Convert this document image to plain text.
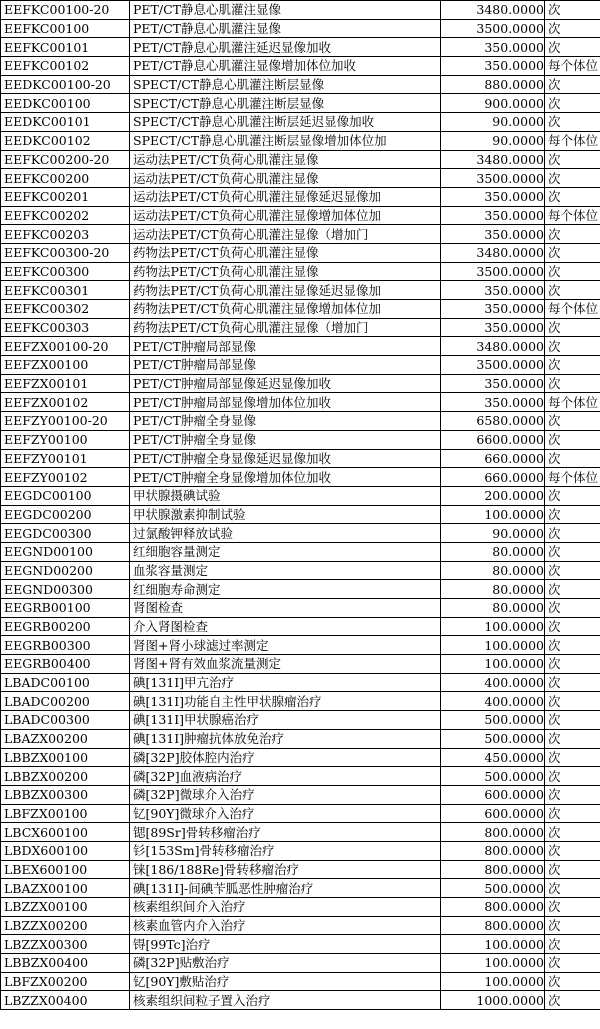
EEFKC00100-20	PET/CT静息心肌灌注显像	3480.0000	次
EEFKC00100	PET/CT静息心肌灌注显像	3500.0000	次
EEFKC00101	PET/CT静息心肌灌注延迟显像加收	350.0000	次
EEFKC00102	PET/CT静息心肌灌注显像增加体位加收	350.0000	每个体位
EEDKC00100-20	SPECT/CT静息心肌灌注断层显像	880.0000	次
EEDKC00100	SPECT/CT静息心肌灌注断层显像	900.0000	次
EEDKC00101	SPECT/CT静息心肌灌注断层延迟显像加收	90.0000	次
EEDKC00102	SPECT/CT静息心肌灌注断层显像增加体位加	90.0000	每个体位
EEFKC00200-20	运动法PET/CT负荷心肌灌注显像	3480.0000	次
EEFKC00200	运动法PET/CT负荷心肌灌注显像	3500.0000	次
EEFKC00201	运动法PET/CT负荷心肌灌注显像延迟显像加	350.0000	次
EEFKC00202	运动法PET/CT负荷心肌灌注显像增加体位加	350.0000	每个体位
EEFKC00203	运动法PET/CT负荷心肌灌注显像（增加门	350.0000	次
EEFKC00300-20	药物法PET/CT负荷心肌灌注显像	3480.0000	次
EEFKC00300	药物法PET/CT负荷心肌灌注显像	3500.0000	次
EEFKC00301	药物法PET/CT负荷心肌灌注显像延迟显像加	350.0000	次
EEFKC00302	药物法PET/CT负荷心肌灌注显像增加体位加	350.0000	每个体位
EEFKC00303	药物法PET/CT负荷心肌灌注显像（增加门	350.0000	次
EEFZX00100-20	PET/CT肿瘤局部显像	3480.0000	次
EEFZX00100	PET/CT肿瘤局部显像	3500.0000	次
EEFZX00101	PET/CT肿瘤局部显像延迟显像加收	350.0000	次
EEFZX00102	PET/CT肿瘤局部显像增加体位加收	350.0000	每个体位
EEFZY00100-20	PET/CT肿瘤全身显像	6580.0000	次
EEFZY00100	PET/CT肿瘤全身显像	6600.0000	次
EEFZY00101	PET/CT肿瘤全身显像延迟显像加收	660.0000	次
EEFZY00102	PET/CT肿瘤全身显像增加体位加收	660.0000	每个体位
EEGDC00100	甲状腺摄碘试验	200.0000	次
EEGDC00200	甲状腺激素抑制试验	100.0000	次
EEGDC00300	过氯酸钾释放试验	90.0000	次
EEGND00100	红细胞容量测定	80.0000	次
EEGND00200	血浆容量测定	80.0000	次
EEGND00300	红细胞寿命测定	80.0000	次
EEGRB00100	肾图检查	80.0000	次
EEGRB00200	介入肾图检查	100.0000	次
EEGRB00300	肾图+肾小球滤过率测定	100.0000	次
EEGRB00400	肾图+肾有效血浆流量测定	100.0000	次
LBADC00100	碘[131I]甲亢治疗	400.0000	次
LBADC00200	碘[131I]功能自主性甲状腺瘤治疗	400.0000	次
LBADC00300	碘[131I]甲状腺癌治疗	500.0000	次
LBAZX00200	碘[131I]肿瘤抗体放免治疗	500.0000	次
LBBZX00100	磷[32P]胶体腔内治疗	450.0000	次
LBBZX00200	磷[32P]血液病治疗	500.0000	次
LBBZX00300	磷[32P]微球介入治疗	600.0000	次
LBFZX00100	钇[90Y]微球介入治疗	600.0000	次
LBCX600100	锶[89Sr]骨转移瘤治疗	800.0000	次
LBDX600100	钐[153Sm]骨转移瘤治疗	800.0000	次
LBEX600100	铼[186/188Re]骨转移瘤治疗	800.0000	次
LBAZX00100	碘[131I]-间碘苄胍恶性肿瘤治疗	500.0000	次
LBZZX00100	核素组织间介入治疗	800.0000	次
LBZZX00200	核素血管内介入治疗	800.0000	次
LBZZX00300	锝[99Tc]治疗	100.0000	次
LBBZX00400	磷[32P]贴敷治疗	100.0000	次
LBFZX00200	钇[90Y]敷贴治疗	100.0000	次
LBZZX00400	核素组织间粒子置入治疗	1000.0000	次
